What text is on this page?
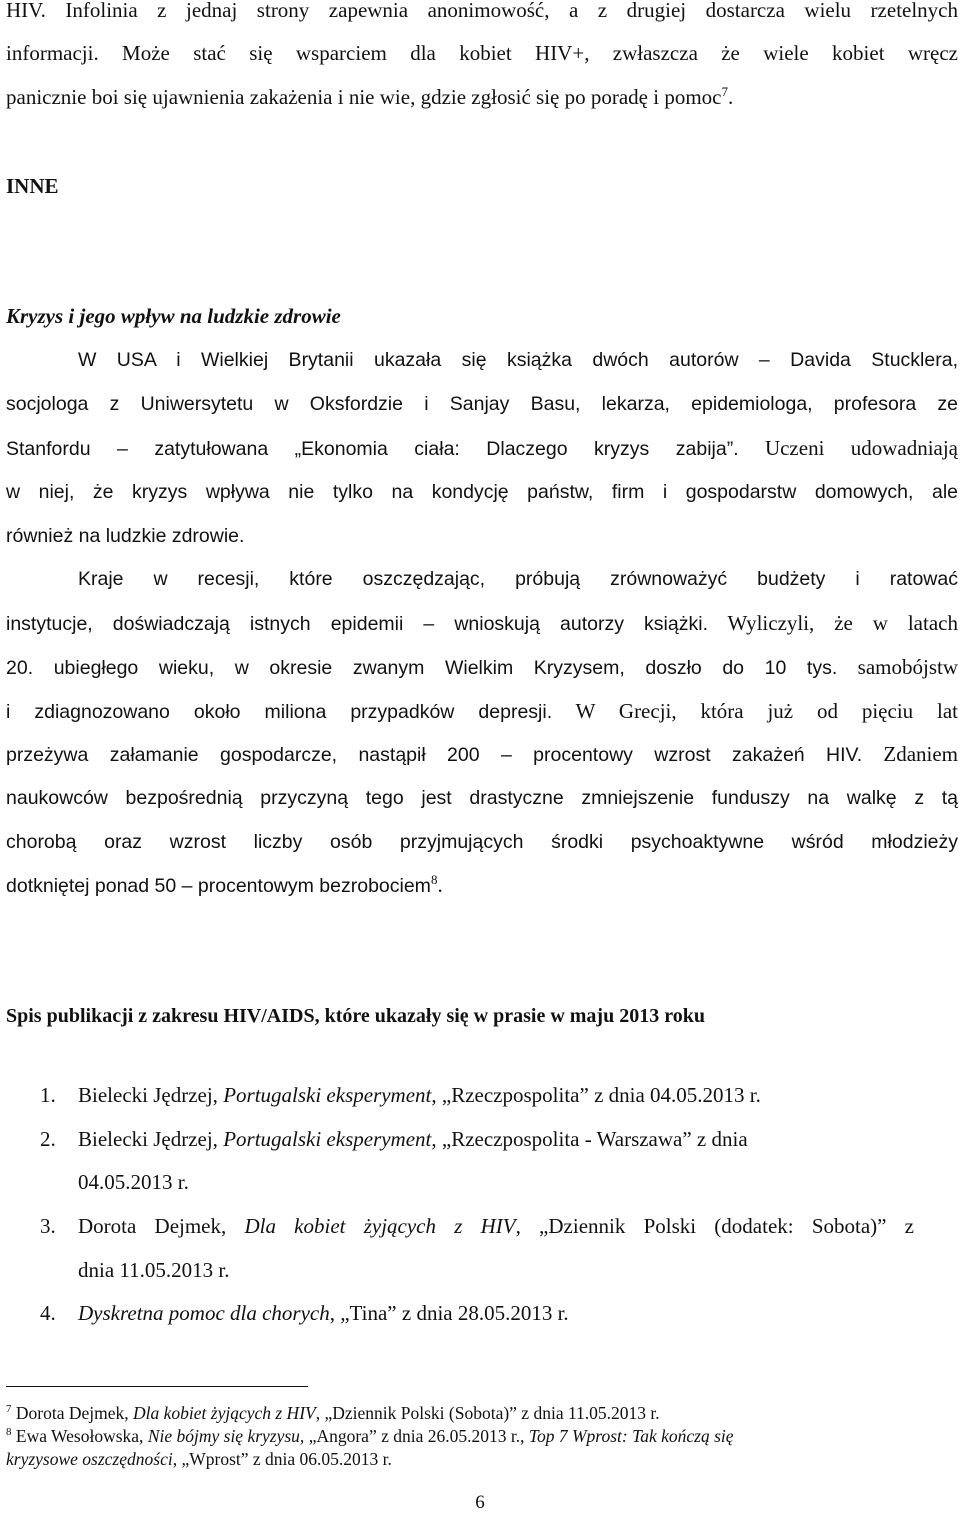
HIV. Infolinia z jednaj strony zapewnia anonimowość, a z drugiej dostarcza wielu rzetelnych
informacji. Może stać się wsparciem dla kobiet HIV+, zwłaszcza że wiele kobiet wręcz
panicznie boi się ujawnienia zakażenia i nie wie, gdzie zgłosić się po poradę i pomoc$^7$.
INNE
Kryzys i jego wpływ na ludzkie zdrowie
W USA i Wielkiej Brytanii ukazała się książka dwóch autorów – Davida Stucklera,
socjologa z Uniwersytetu w Oksfordzie i Sanjay Basu, lekarza, epidemiologa, profesora ze
Stanfordu – zatytułowana „Ekonomia ciała: Dlaczego kryzys zabija”. Uczeni udowadniają
w niej, że kryzys wpływa nie tylko na kondycję państw, firm i gospodarstw domowych, ale
również na ludzkie zdrowie.
Kraje w recesji, które oszczędzając, próbują zrównoważyć budżety i ratować
instytucje, doświadczają istnych epidemii – wnioskują autorzy książki. Wyliczyli, że w latach
20. ubiegłego wieku, w okresie zwanym Wielkim Kryzysem, doszło do 10 tys. samobójstw
i zdiagnozowano około miliona przypadków depresji. W Grecji, która już od pięciu lat
przeżywa załamanie gospodarcze, nastąpił 200 – procentowy wzrost zakażeń HIV. Zdaniem
naukowców bezpośrednią przyczyną tego jest drastyczne zmniejszenie funduszy na walkę z tą
chorobą oraz wzrost liczby osób przyjmujących środki psychoaktywne wśród młodzieży
dotkniętej ponad 50 – procentowym bezrobociem$^8$.
Spis publikacji z zakresu HIV/AIDS, które ukazały się w prasie w maju 2013 roku
1. Bielecki Jędrzej, Portugalski eksperyment, „Rzeczpospolita” z dnia 04.05.2013 r.
2. Bielecki Jędrzej, Portugalski eksperyment, „Rzeczpospolita - Warszawa” z dnia
04.05.2013 r.
3. Dorota Dejmek, Dla kobiet żyjących z HIV, „Dziennik Polski (dodatek: Sobota)” z
dnia 11.05.2013 r.
4. Dyskretna pomoc dla chorych, „Tina” z dnia 28.05.2013 r.
$^7$ Dorota Dejmek, Dla kobiet żyjących z HIV, „Dziennik Polski (Sobota)” z dnia 11.05.2013 r.
$^8$ Ewa Wesołowska, Nie bójmy się kryzysu, „Angora” z dnia 26.05.2013 r., Top 7 Wprost: Tak kończą się
kryzysowe oszczędności, „Wprost” z dnia 06.05.2013 r.
6
